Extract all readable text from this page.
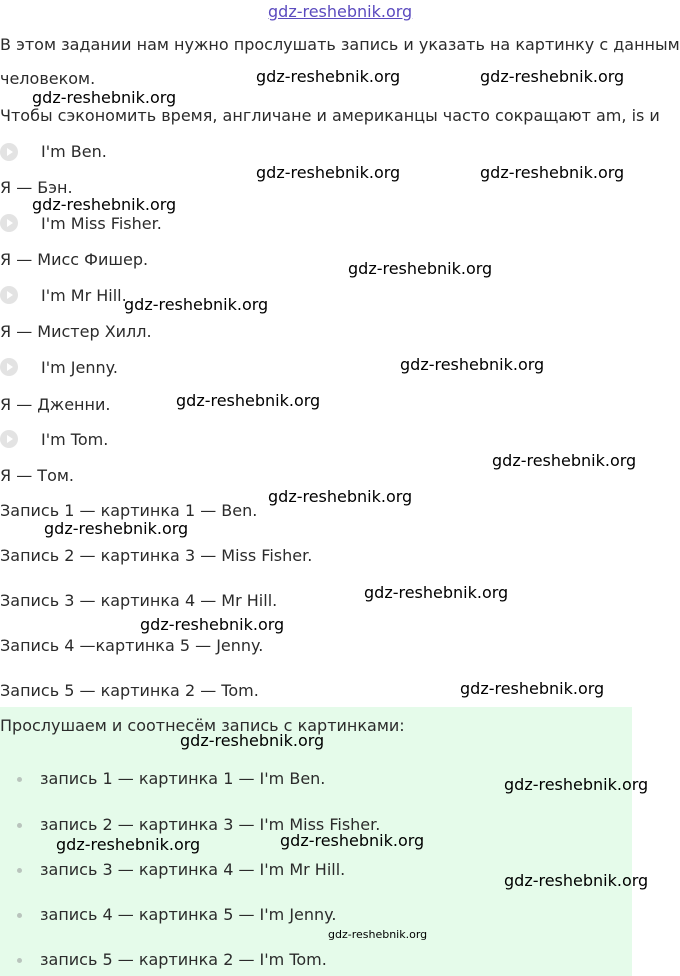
gdz-reshebnik.org
В этом задании нам нужно прослушать запись и указать на картинку с данным
человеком.
Чтобы сэкономить время, англичане и американцы часто сокращают am, is и
I'm Ben.
Я — Бэн.
I'm Miss Fisher.
Я — Мисс Фишер.
I'm Mr Hill.
Я — Мистер Хилл.
I'm Jenny.
Я — Дженни.
I'm Tom.
Я — Том.
Запись 1 — картинка 1 — Ben.
Запись 2 — картинка 3 — Miss Fisher.
Запись 3 — картинка 4 — Mr Hill.
Запись 4 —картинка 5 — Jenny.
Запись 5 — картинка 2 — Tom.
Прослушаем и соотнесём запись с картинками:
запись 1 — картинка 1 — I'm Ben.
запись 2 — картинка 3 — I'm Miss Fisher.
запись 3 — картинка 4 — I'm Mr Hill.
запись 4 — картинка 5 — I'm Jenny.
запись 5 — картинка 2 — I'm Tom.
gdz-reshebnik.org	gdz-reshebnik.org
gdz-reshebnik.org
gdz-reshebnik.org	gdz-reshebnik.org
gdz-reshebnik.org
gdz-reshebnik.org
gdz-reshebnik.org
gdz-reshebnik.org
gdz-reshebnik.org
gdz-reshebnik.org
gdz-reshebnik.org
gdz-reshebnik.org
gdz-reshebnik.org
gdz-reshebnik.org
gdz-reshebnik.org
gdz-reshebnik.org
gdz-reshebnik.org
gdz-reshebnik.org	gdz-reshebnik.org
gdz-reshebnik.org
gdz-reshebnik.org
